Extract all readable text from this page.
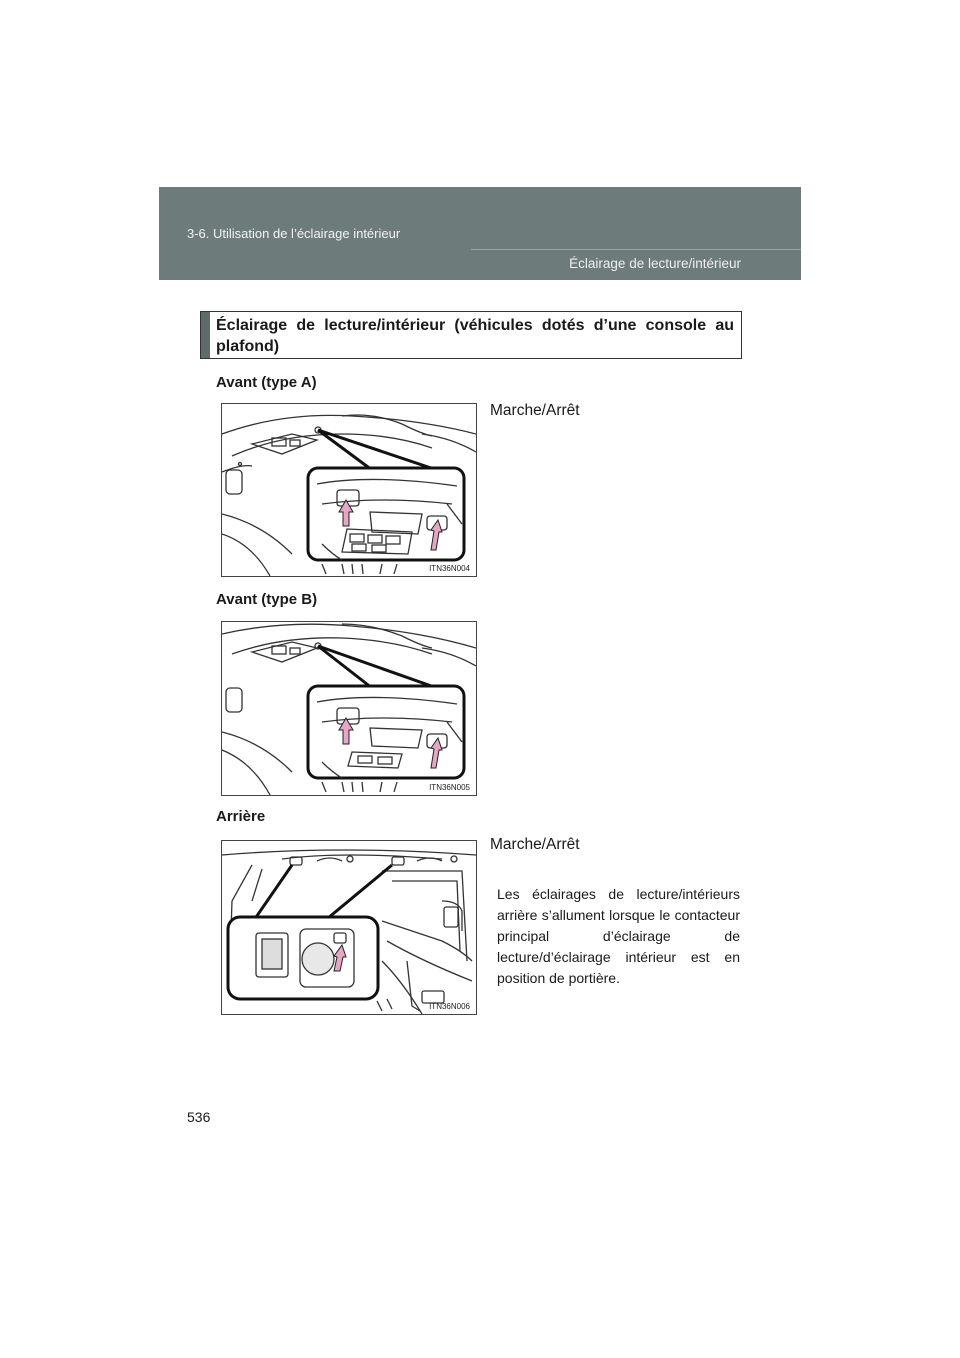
3-6. Utilisation de l’éclairage intérieur
Éclairage de lecture/intérieur
Éclairage de lecture/intérieur (véhicules dotés d’une console au plafond)
Avant (type A)
Marche/Arrêt
ITN36N004
Avant (type B)
ITN36N005
Arrière
Marche/Arrêt
Les éclairages de lecture/intérieurs arrière s’allument lorsque le contacteur principal d’éclairage de lecture/d’éclairage intérieur est en position de portière.
ITN36N006
536
